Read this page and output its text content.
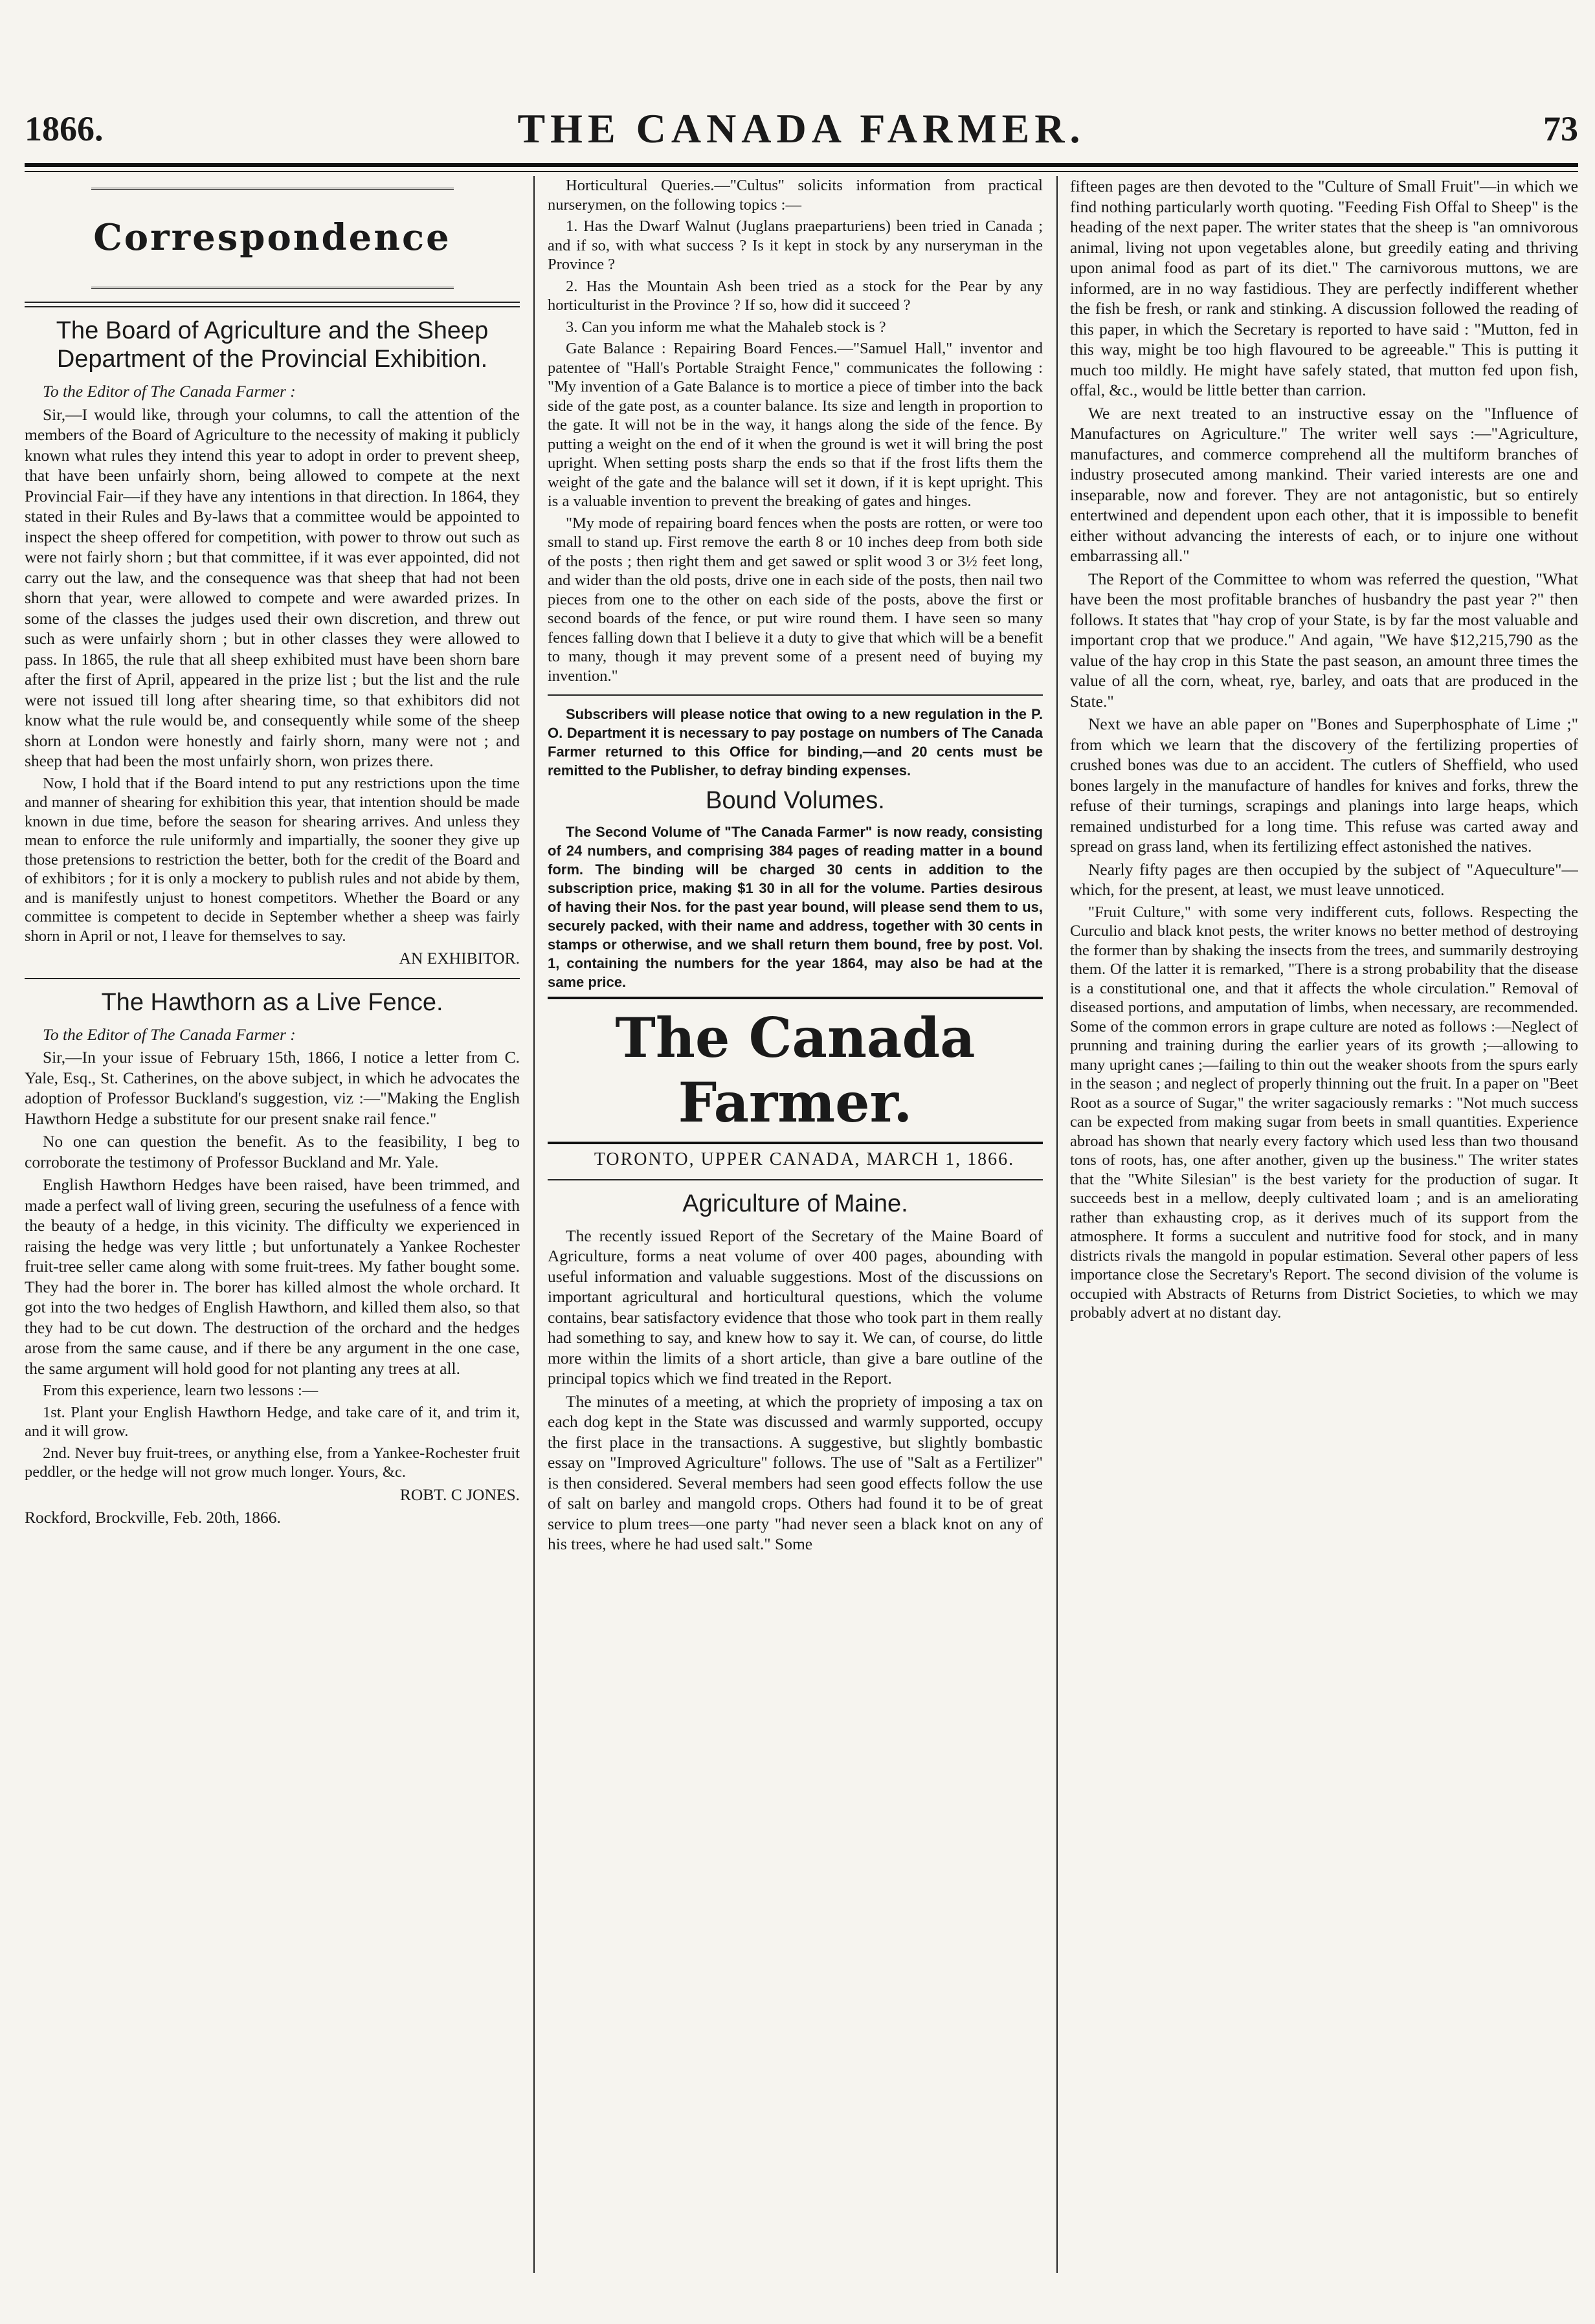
1866.	THE CANADA FARMER.	73
Correspondence
The Board of Agriculture and the Sheep Department of the Provincial Exhibition.

To the Editor of The Canada Farmer :

Sir,—I would like, through your columns, to call the attention of the members of the Board of Agriculture to the necessity of making it publicly known what rules they intend this year to adopt in order to prevent sheep, that have been unfairly shorn, being allowed to compete at the next Provincial Fair—if they have any intentions in that direction. In 1864, they stated in their Rules and By-laws that a committee would be appointed to inspect the sheep offered for competition, with power to throw out such as were not fairly shorn ; but that committee, if it was ever appointed, did not carry out the law, and the consequence was that sheep that had not been shorn that year, were allowed to compete and were awarded prizes. In some of the classes the judges used their own discretion, and threw out such as were unfairly shorn ; but in other classes they were allowed to pass. In 1865, the rule that all sheep exhibited must have been shorn bare after the first of April, appeared in the prize list ; but the list and the rule were not issued till long after shearing time, so that exhibitors did not know what the rule would be, and consequently while some of the sheep shorn at London were honestly and fairly shorn, many were not ; and sheep that had been the most unfairly shorn, won prizes there.

Now, I hold that if the Board intend to put any restrictions upon the time and manner of shearing for exhibition this year, that intention should be made known in due time, before the season for shearing arrives. And unless they mean to enforce the rule uniformly and impartially, the sooner they give up those pretensions to restriction the better, both for the credit of the Board and of exhibitors ; for it is only a mockery to publish rules and not abide by them, and is manifestly unjust to honest competitors. Whether the Board or any committee is competent to decide in September whether a sheep was fairly shorn in April or not, I leave for themselves to say.

AN EXHIBITOR.

The Hawthorn as a Live Fence.

To the Editor of The Canada Farmer :

Sir,—In your issue of February 15th, 1866, I notice a letter from C. Yale, Esq., St. Catherines, on the above subject, in which he advocates the adoption of Professor Buckland's suggestion, viz :—"Making the English Hawthorn Hedge a substitute for our present snake rail fence."

No one can question the benefit. As to the feasibility, I beg to corroborate the testimony of Professor Buckland and Mr. Yale.

English Hawthorn Hedges have been raised, have been trimmed, and made a perfect wall of living green, securing the usefulness of a fence with the beauty of a hedge, in this vicinity. The difficulty we experienced in raising the hedge was very little ; but unfortunately a Yankee Rochester fruit-tree seller came along with some fruit-trees. My father bought some. They had the borer in. The borer has killed almost the whole orchard. It got into the two hedges of English Hawthorn, and killed them also, so that they had to be cut down. The destruction of the orchard and the hedges arose from the same cause, and if there be any argument in the one case, the same argument will hold good for not planting any trees at all.

From this experience, learn two lessons :—

1st. Plant your English Hawthorn Hedge, and take care of it, and trim it, and it will grow.

2nd. Never buy fruit-trees, or anything else, from a Yankee-Rochester fruit peddler, or the hedge will not grow much longer. Yours, &c.

ROBT. C JONES.

Rockford, Brockville, Feb. 20th, 1866.

Horticultural Queries.—"Cultus" solicits information from practical nurserymen, on the following topics :—

1. Has the Dwarf Walnut (Juglans praeparturiens) been tried in Canada ; and if so, with what success ? Is it kept in stock by any nurseryman in the Province ?

2. Has the Mountain Ash been tried as a stock for the Pear by any horticulturist in the Province ? If so, how did it succeed ?

3. Can you inform me what the Mahaleb stock is ?

Gate Balance : Repairing Board Fences.—"Samuel Hall," inventor and patentee of "Hall's Portable Straight Fence," communicates the following : "My invention of a Gate Balance is to mortice a piece of timber into the back side of the gate post, as a counter balance. Its size and length in proportion to the gate. It will not be in the way, it hangs along the side of the fence. By putting a weight on the end of it when the ground is wet it will bring the post upright. When setting posts sharp the ends so that if the frost lifts them the weight of the gate and the balance will set it down, if it is kept upright. This is a valuable invention to prevent the breaking of gates and hinges.

"My mode of repairing board fences when the posts are rotten, or were too small to stand up. First remove the earth 8 or 10 inches deep from both side of the posts ; then right them and get sawed or split wood 3 or 3½ feet long, and wider than the old posts, drive one in each side of the posts, then nail two pieces from one to the other on each side of the posts, above the first or second boards of the fence, or put wire round them. I have seen so many fences falling down that I believe it a duty to give that which will be a benefit to many, though it may prevent some of a present need of buying my invention."

Subscribers will please notice that owing to a new regulation in the P. O. Department it is necessary to pay postage on numbers of The Canada Farmer returned to this Office for binding,—and 20 cents must be remitted to the Publisher, to defray binding expenses.

Bound Volumes.

The Second Volume of "The Canada Farmer" is now ready, consisting of 24 numbers, and comprising 384 pages of reading matter in a bound form. The binding will be charged 30 cents in addition to the subscription price, making $1 30 in all for the volume. Parties desirous of having their Nos. for the past year bound, will please send them to us, securely packed, with their name and address, together with 30 cents in stamps or otherwise, and we shall return them bound, free by post. Vol. 1, containing the numbers for the year 1864, may also be had at the same price.

The Canada Farmer.

TORONTO, UPPER CANADA, MARCH 1, 1866.

Agriculture of Maine.

The recently issued Report of the Secretary of the Maine Board of Agriculture, forms a neat volume of over 400 pages, abounding with useful information and valuable suggestions. Most of the discussions on important agricultural and horticultural questions, which the volume contains, bear satisfactory evidence that those who took part in them really had something to say, and knew how to say it. We can, of course, do little more within the limits of a short article, than give a bare outline of the principal topics which we find treated in the Report.

The minutes of a meeting, at which the propriety of imposing a tax on each dog kept in the State was discussed and warmly supported, occupy the first place in the transactions. A suggestive, but slightly bombastic essay on "Improved Agriculture" follows. The use of "Salt as a Fertilizer" is then considered. Several members had seen good effects follow the use of salt on barley and mangold crops. Others had found it to be of great service to plum trees—one party "had never seen a black knot on any of his trees, where he had used salt." Some

fifteen pages are then devoted to the "Culture of Small Fruit"—in which we find nothing particularly worth quoting. "Feeding Fish Offal to Sheep" is the heading of the next paper. The writer states that the sheep is "an omnivorous animal, living not upon vegetables alone, but greedily eating and thriving upon animal food as part of its diet." The carnivorous muttons, we are informed, are in no way fastidious. They are perfectly indifferent whether the fish be fresh, or rank and stinking. A discussion followed the reading of this paper, in which the Secretary is reported to have said : "Mutton, fed in this way, might be too high flavoured to be agreeable." This is putting it much too mildly. He might have safely stated, that mutton fed upon fish, offal, &c., would be little better than carrion.

We are next treated to an instructive essay on the "Influence of Manufactures on Agriculture." The writer well says :—"Agriculture, manufactures, and commerce comprehend all the multiform branches of industry prosecuted among mankind. Their varied interests are one and inseparable, now and forever. They are not antagonistic, but so entirely entertwined and dependent upon each other, that it is impossible to benefit either without advancing the interests of each, or to injure one without embarrassing all."

The Report of the Committee to whom was referred the question, "What have been the most profitable branches of husbandry the past year ?" then follows. It states that "hay crop of your State, is by far the most valuable and important crop that we produce." And again, "We have $12,215,790 as the value of the hay crop in this State the past season, an amount three times the value of all the corn, wheat, rye, barley, and oats that are produced in the State."

Next we have an able paper on "Bones and Superphosphate of Lime ;" from which we learn that the discovery of the fertilizing properties of crushed bones was due to an accident. The cutlers of Sheffield, who used bones largely in the manufacture of handles for knives and forks, threw the refuse of their turnings, scrapings and planings into large heaps, which remained undisturbed for a long time. This refuse was carted away and spread on grass land, when its fertilizing effect astonished the natives.

Nearly fifty pages are then occupied by the subject of "Aqueculture"—which, for the present, at least, we must leave unnoticed.

"Fruit Culture," with some very indifferent cuts, follows. Respecting the Curculio and black knot pests, the writer knows no better method of destroying the former than by shaking the insects from the trees, and summarily destroying them. Of the latter it is remarked, "There is a strong probability that the disease is a constitutional one, and that it affects the whole circulation." Removal of diseased portions, and amputation of limbs, when necessary, are recommended. Some of the common errors in grape culture are noted as follows :—Neglect of prunning and training during the earlier years of its growth ;—allowing to many upright canes ;—failing to thin out the weaker shoots from the spurs early in the season ; and neglect of properly thinning out the fruit. In a paper on "Beet Root as a source of Sugar," the writer sagaciously remarks : "Not much success can be expected from making sugar from beets in small quantities. Experience abroad has shown that nearly every factory which used less than two thousand tons of roots, has, one after another, given up the business." The writer states that the "White Silesian" is the best variety for the production of sugar. It succeeds best in a mellow, deeply cultivated loam ; and is an ameliorating rather than exhausting crop, as it derives much of its support from the atmosphere. It forms a succulent and nutritive food for stock, and in many districts rivals the mangold in popular estimation. Several other papers of less importance close the Secretary's Report. The second division of the volume is occupied with Abstracts of Returns from District Societies, to which we may probably advert at no distant day.
